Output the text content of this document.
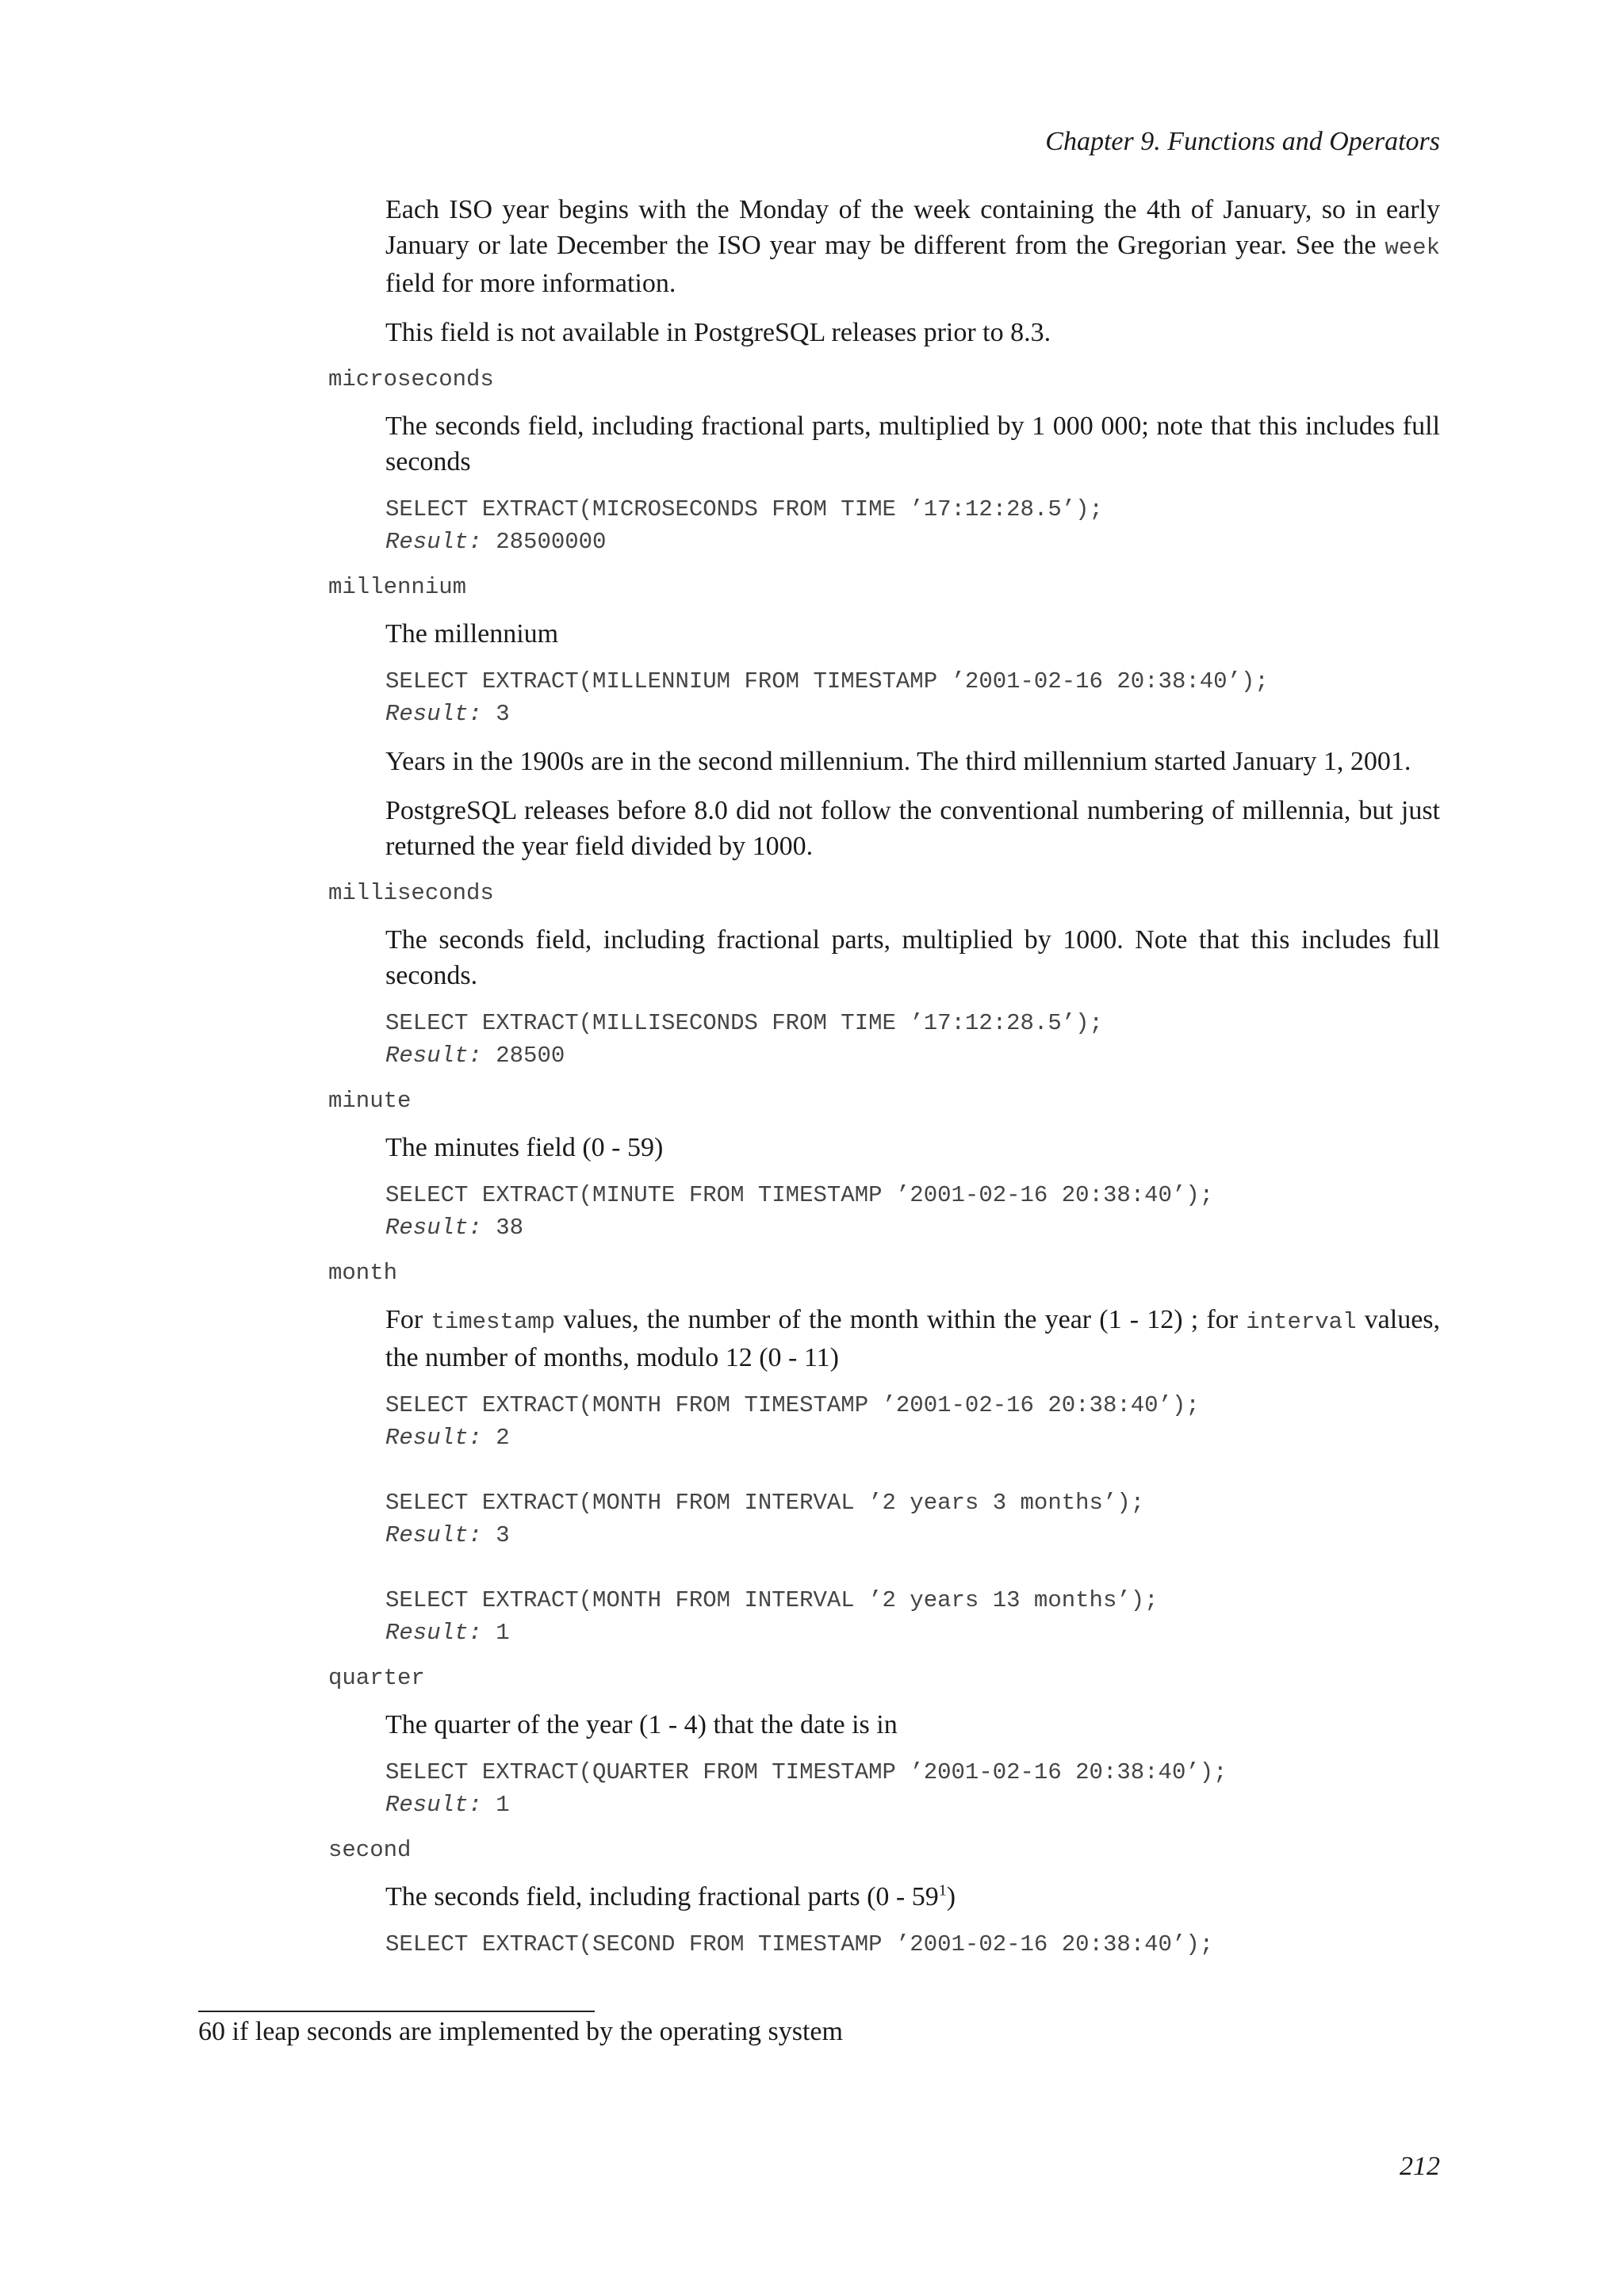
Chapter 9. Functions and Operators

Each ISO year begins with the Monday of the week containing the 4th of January, so in early January or late December the ISO year may be different from the Gregorian year. See the week field for more information.

This field is not available in PostgreSQL releases prior to 8.3.

microseconds

The seconds field, including fractional parts, multiplied by 1 000 000; note that this includes full seconds

SELECT EXTRACT(MICROSECONDS FROM TIME ’17:12:28.5’);
Result: 28500000
millennium

The millennium

SELECT EXTRACT(MILLENNIUM FROM TIMESTAMP ’2001-02-16 20:38:40’);
Result: 3

Years in the 1900s are in the second millennium. The third millennium started January 1, 2001.

PostgreSQL releases before 8.0 did not follow the conventional numbering of millennia, but just returned the year field divided by 1000.

milliseconds

The seconds field, including fractional parts, multiplied by 1000. Note that this includes full seconds.

SELECT EXTRACT(MILLISECONDS FROM TIME ’17:12:28.5’);
Result: 28500
minute

The minutes field (0 - 59)

SELECT EXTRACT(MINUTE FROM TIMESTAMP ’2001-02-16 20:38:40’);
Result: 38
month

For timestamp values, the number of the month within the year (1 - 12) ; for interval values, the number of months, modulo 12 (0 - 11)

SELECT EXTRACT(MONTH FROM TIMESTAMP ’2001-02-16 20:38:40’);
Result: 2

SELECT EXTRACT(MONTH FROM INTERVAL ’2 years 3 months’);
Result: 3

SELECT EXTRACT(MONTH FROM INTERVAL ’2 years 13 months’);
Result: 1
quarter

The quarter of the year (1 - 4) that the date is in

SELECT EXTRACT(QUARTER FROM TIMESTAMP ’2001-02-16 20:38:40’);
Result: 1
second

The seconds field, including fractional parts $(0 - 59^1)$

SELECT EXTRACT(SECOND FROM TIMESTAMP ’2001-02-16 20:38:40’);
60 if leap seconds are implemented by the operating system
212
